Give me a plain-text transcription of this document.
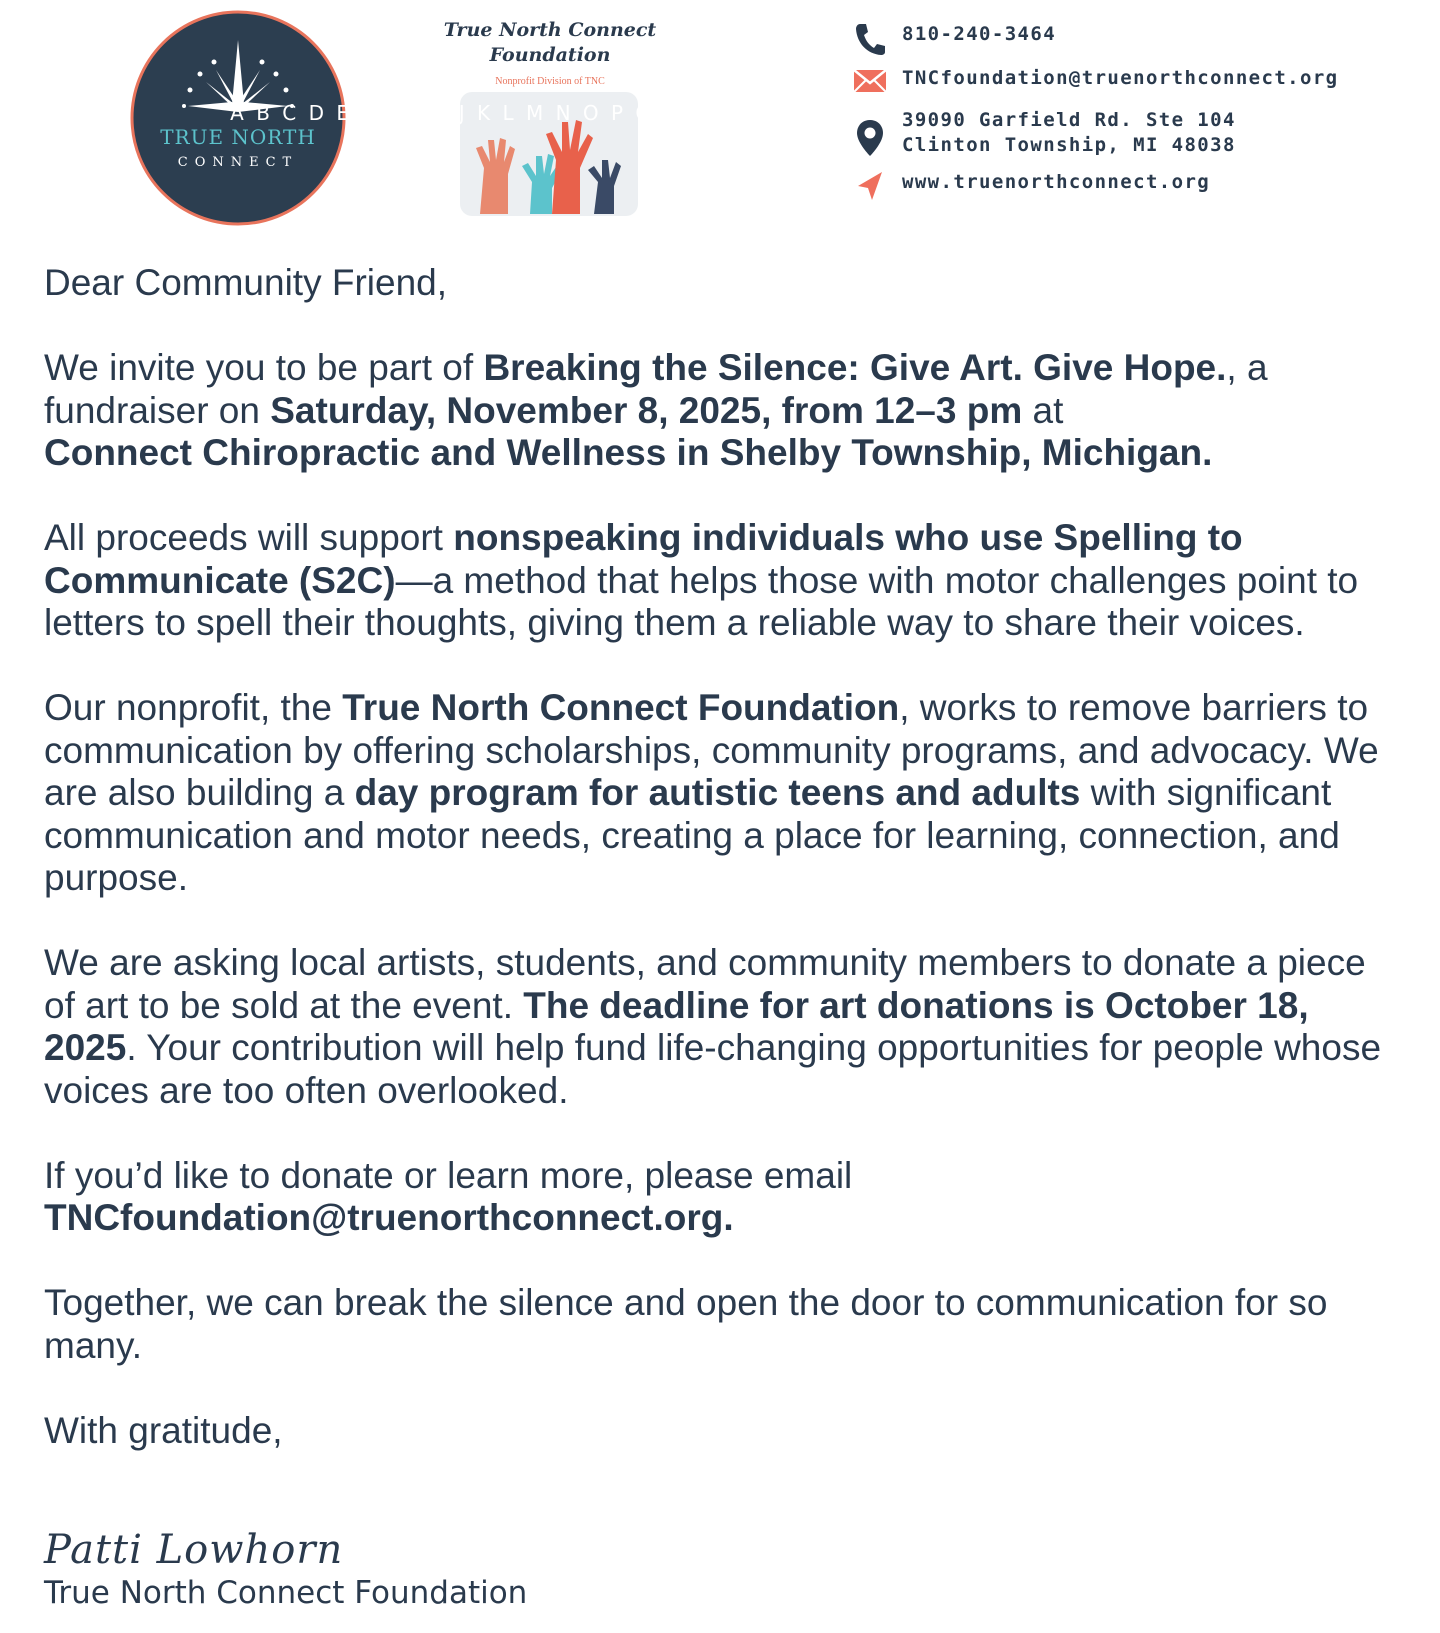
TRUE NORTH
CONNECT
True North Connect
Foundation
Nonprofit Division of TNC
A B C D E F G H I J K L M N O P Q R S T U V W X Y
810-240-3464
TNCfoundation@truenorthconnect.org
39090 Garfield Rd. Ste 104
Clinton Township, MI 48038
www.truenorthconnect.org

Dear Community Friend,

We invite you to be part of Breaking the Silence: Give Art. Give Hope., a fundraiser on Saturday, November 8, 2025, from 12–3 pm at
Connect Chiropractic and Wellness in Shelby Township, Michigan.

All proceeds will support nonspeaking individuals who use Spelling to Communicate (S2C)—a method that helps those with motor challenges point to letters to spell their thoughts, giving them a reliable way to share their voices.

Our nonprofit, the True North Connect Foundation, works to remove barriers to communication by offering scholarships, community programs, and advocacy. We are also building a day program for autistic teens and adults with significant communication and motor needs, creating a place for learning, connection, and purpose.

We are asking local artists, students, and community members to donate a piece of art to be sold at the event. The deadline for art donations is October 18, 2025. Your contribution will help fund life-changing opportunities for people whose voices are too often overlooked.

If you’d like to donate or learn more, please email
TNCfoundation@truenorthconnect.org.

Together, we can break the silence and open the door to communication for so many.

With gratitude,

Patti Lowhorn
True North Connect Foundation
